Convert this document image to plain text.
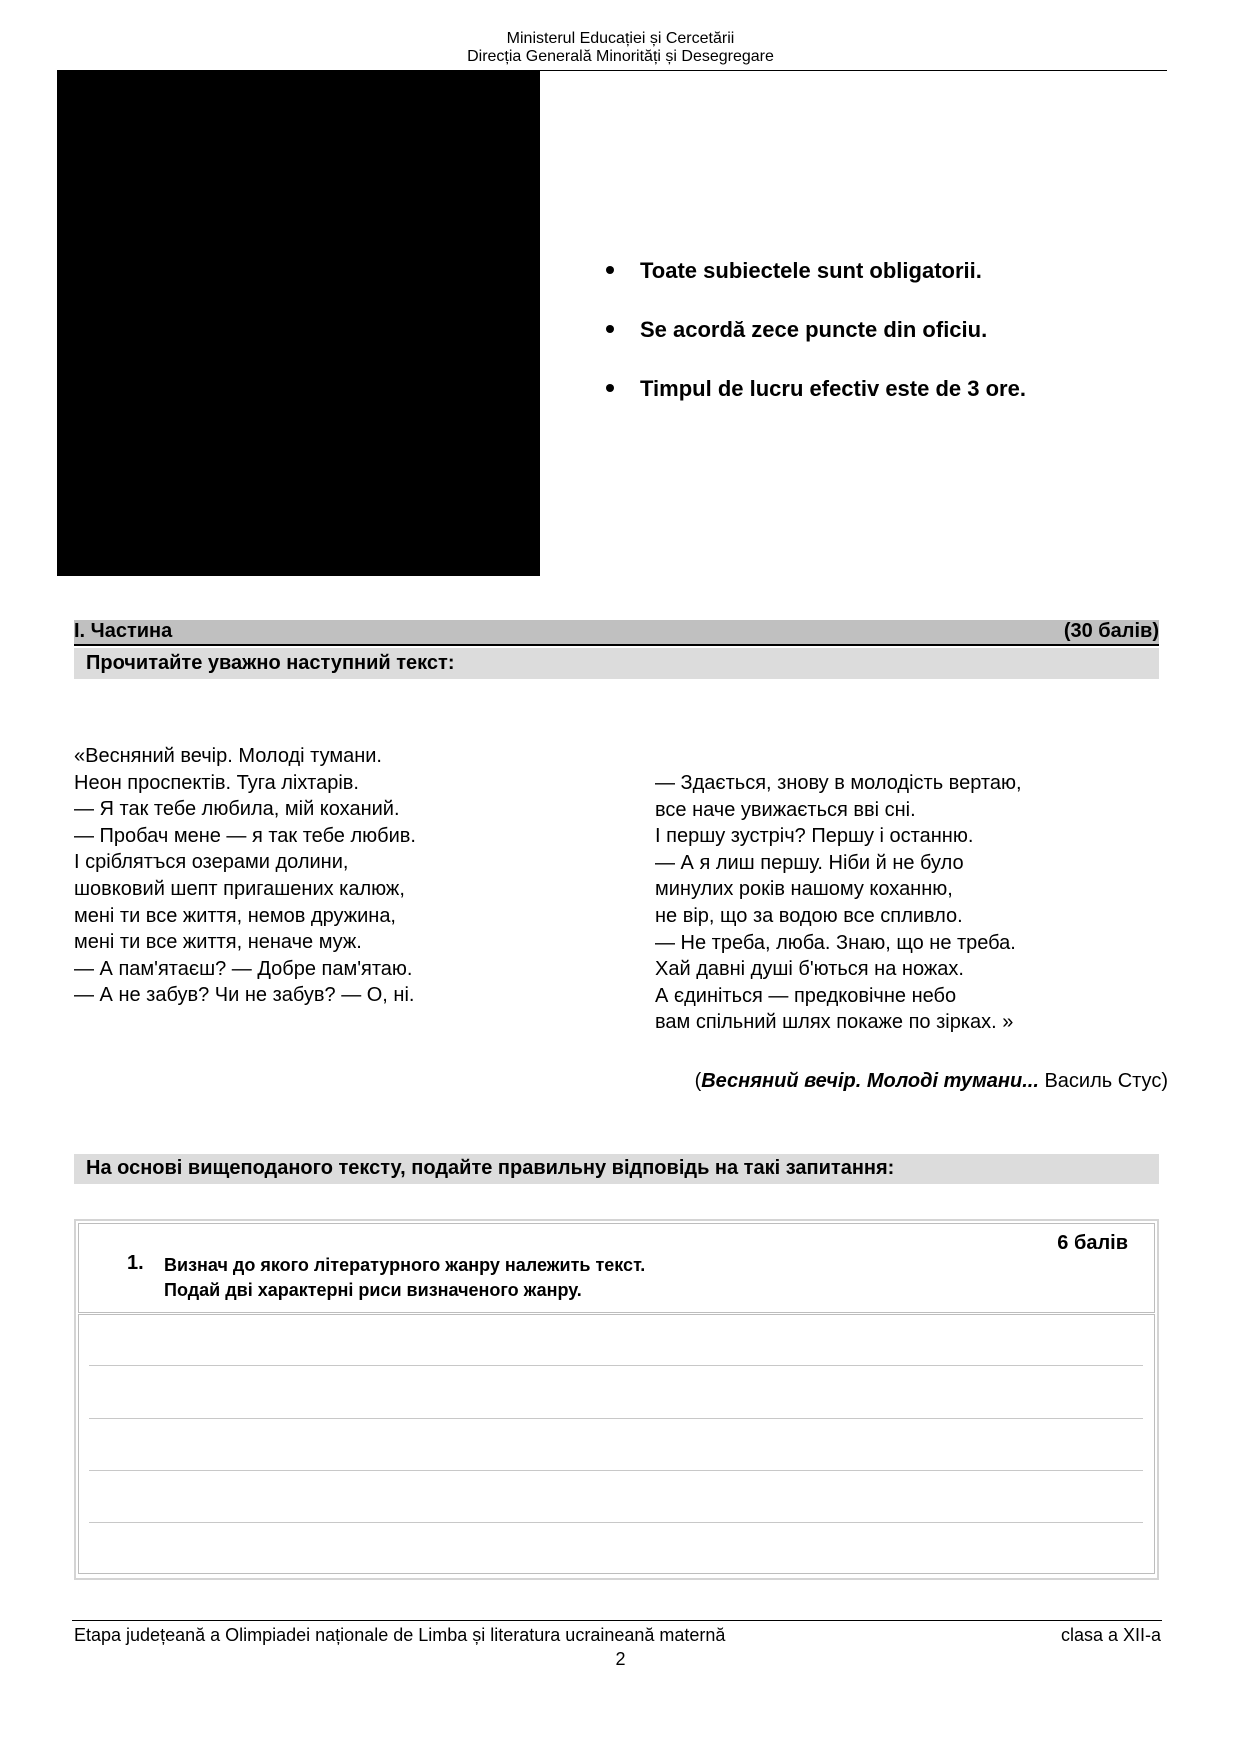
Ministerul Educației și Cercetării
Direcția Generală Minorități și Desegregare
Toate subiectele sunt obligatorii.
Se acordă zece puncte din oficiu.
Timpul de lucru efectiv este de 3 ore.
I. Частина	(30 балів)
Прочитайте уважно наступний текст:
«Весняний вечір. Молоді тумани.
Неон проспектів. Туга ліхтарів.
— Я так тебе любила, мій коханий.
— Пробач мене — я так тебе любив.
І сріблятъся озерами долини,
шовковий шепт пригашених калюж,
мені ти все життя, немов дружина,
мені ти все життя, неначе муж.
— А пам'ятаєш? — Добре пам'ятаю.
— А не забув? Чи не забув? — О, ні.
— Здається, знову в молодість вертаю,
все наче увижається вві сні.
І першу зустріч? Першу і останню.
— А я лиш першу. Ніби й не було
минулих років нашому коханню,
не вір, що за водою все спливло.
— Не треба, люба. Знаю, що не треба.
Хай давні душі б'ються на ножах.
А єдиніться — предковічне небо
вам спільний шлях покаже по зірках. »
(Весняний вечір. Молоді тумани... Василь Стус)
На основі вищеподаного тексту, подайте правильну відповідь на такі запитання:
1. Визнач до якого літературного жанру належить текст.
Подай дві характерні риси визначеного жанру.
6 балів
Etapa județeană a Olimpiadei naționale de Limba și literatura ucraineană maternă	clasa a XII-a
2
